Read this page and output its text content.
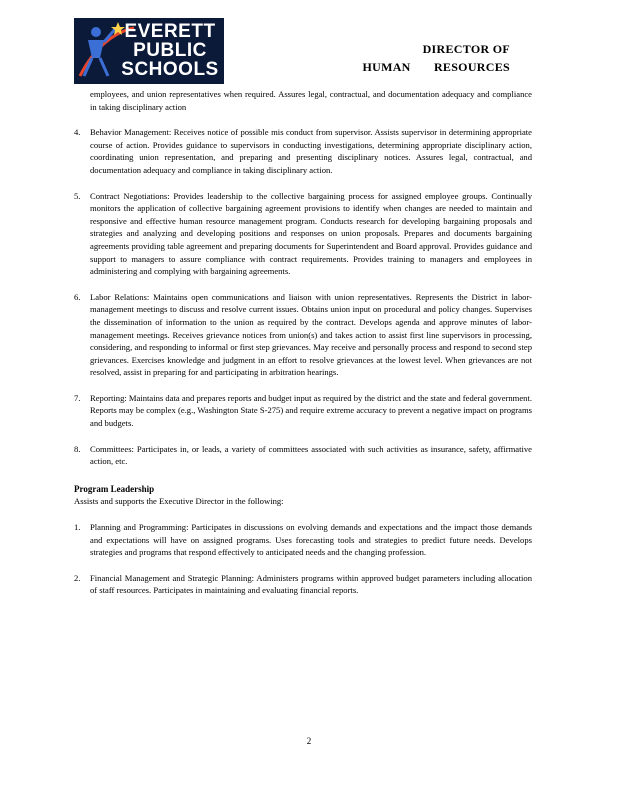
EVERETT
PUBLIC
SCHOOLS
DIRECTOR OF
HUMAN RESOURCES

employees, and union representatives when required. Assures legal, contractual, and documentation adequacy and compliance in taking disciplinary action

4. Behavior Management: Receives notice of possible mis conduct from supervisor. Assists supervisor in determining appropriate course of action. Provides guidance to supervisors in conducting investigations, determining appropriate disciplinary action, coordinating union representation, and preparing and presenting disciplinary notices. Assures legal, contractual, and documentation adequacy and compliance in taking disciplinary action.

5. Contract Negotiations: Provides leadership to the collective bargaining process for assigned employee groups. Continually monitors the application of collective bargaining agreement provisions to identify when changes are needed to maintain and responsive and effective human resource management program. Conducts research for developing bargaining proposals and strategies and analyzing and developing positions and responses on union proposals. Prepares and documents bargaining agreements providing table agreement and preparing documents for Superintendent and Board approval. Provides guidance and support to managers to assure compliance with contract requirements. Provides training to managers and employees in administering and complying with bargaining agreements.

6. Labor Relations: Maintains open communications and liaison with union representatives. Represents the District in labor-management meetings to discuss and resolve current issues. Obtains union input on procedural and policy changes. Supervises the dissemination of information to the union as required by the contract. Develops agenda and approve minutes of labor-management meetings. Receives grievance notices from union(s) and takes action to assist first line supervisors in processing, considering, and responding to informal or first step grievances. May receive and personally process and respond to second step grievances. Exercises knowledge and judgment in an effort to resolve grievances at the lowest level. When grievances are not resolved, assist in preparing for and participating in arbitration hearings.

7. Reporting: Maintains data and prepares reports and budget input as required by the district and the state and federal government. Reports may be complex (e.g., Washington State S-275) and require extreme accuracy to prevent a negative impact on programs and budgets.

8. Committees: Participates in, or leads, a variety of committees associated with such activities as insurance, safety, affirmative action, etc.

Program Leadership

Assists and supports the Executive Director in the following:

1. Planning and Programming: Participates in discussions on evolving demands and expectations and the impact those demands and expectations will have on assigned programs. Uses forecasting tools and strategies to predict future needs. Develops strategies and programs that respond effectively to anticipated needs and the changing profession.

2. Financial Management and Strategic Planning: Administers programs within approved budget parameters including allocation of staff resources. Participates in maintaining and evaluating financial reports.

2
